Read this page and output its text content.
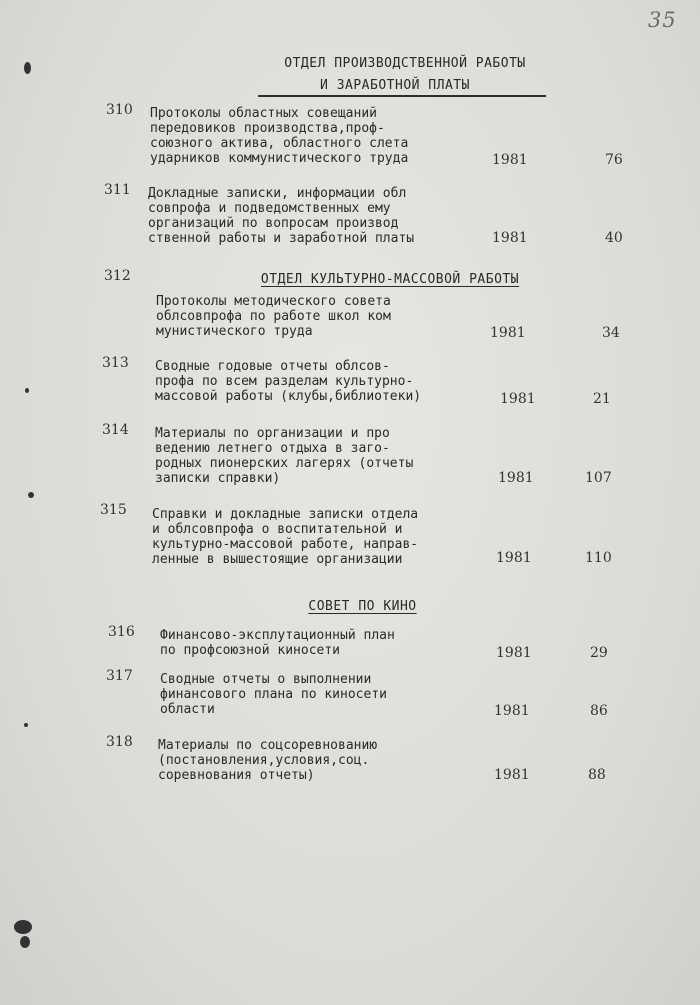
35
ОТДЕЛ ПРОИЗВОДСТВЕННОЙ РАБОТЫ
И ЗАРАБОТНОЙ ПЛАТЫ
310	Протоколы областных совещаний
передовиков производства,проф-
союзного актива, областного слета
ударников коммунистического труда	1981	76
311	Докладные записки, информации обл
совпрофа и подведомственных ему
организаций по вопросам производ
ственной работы и заработной платы	1981	40
ОТДЕЛ КУЛЬТУРНО-МАССОВОЙ РАБОТЫ
312
Протоколы методического совета
облсовпрофа по работе школ ком
мунистического труда	1981	34
313	Сводные годовые отчеты облсов-
профа по всем разделам культурно-
массовой работы (клубы,библиотеки)	1981	21
314	Материалы по организации и про
ведению летнего отдыха в заго-
родных пионерских лагерях (отчеты
записки справки)	1981	107
315	Справки и докладные записки отдела
и облсовпрофа о воспитательной и
культурно-массовой работе, направ-
ленные в вышестоящие организации	1981	110
СОВЕТ ПО КИНО
316	Финансово-эксплутационный план
по профсоюзной киносети	1981	29
317	Сводные отчеты о выполнении
финансового плана по киносети
области	1981	86
318	Материалы по соцсоревнованию
(постановления,условия,соц.
соревнования отчеты)	1981	88
